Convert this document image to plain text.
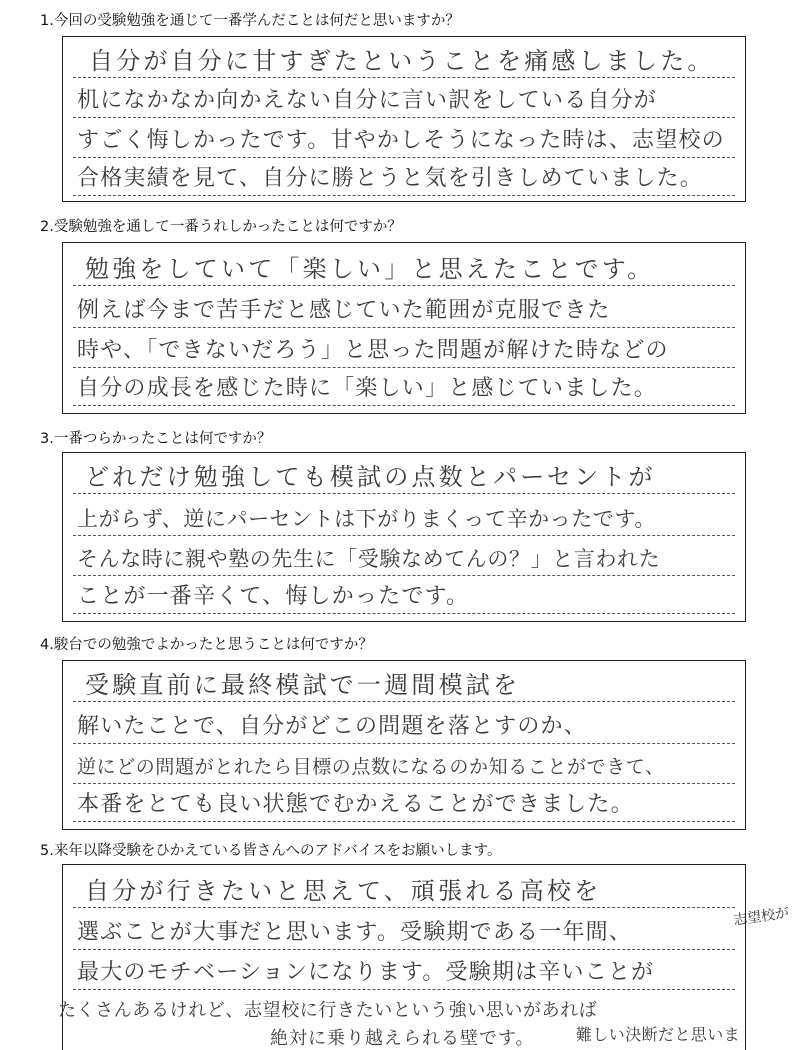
1.今回の受験勉強を通じて一番学んだことは何だと思いますか？
自分が自分に甘すぎたということを痛感しました。
机になかなか向かえない自分に言い訳をしている自分が
すごく悔しかったです。甘やかしそうになった時は、志望校の
合格実績を見て、自分に勝とうと気を引きしめていました。
2.受験勉強を通して一番うれしかったことは何ですか？
勉強をしていて「楽しい」と思えたことです。
例えば今まで苦手だと感じていた範囲が克服できた
時や、「できないだろう」と思った問題が解けた時などの
自分の成長を感じた時に「楽しい」と感じていました。
3.一番つらかったことは何ですか？
どれだけ勉強しても模試の点数とパーセントが
上がらず、逆にパーセントは下がりまくって辛かったです。
そんな時に親や塾の先生に「受験なめてんの？」と言われた
ことが一番辛くて、悔しかったです。
4.駿台での勉強でよかったと思うことは何ですか？
受験直前に最終模試で一週間模試を
解いたことで、自分がどこの問題を落とすのか、
逆にどの問題がとれたら目標の点数になるのか知ることができて、
本番をとても良い状態でむかえることができました。
5.来年以降受験をひかえている皆さんへのアドバイスをお願いします。
自分が行きたいと思えて、頑張れる高校を
選ぶことが大事だと思います。受験期である一年間、
最大のモチベーションになります。受験期は辛いことが
たくさんあるけれど、志望校に行きたいという強い思いがあれば
絶対に乗り越えられる壁です。
志望校が
難しい決断だと思いま
